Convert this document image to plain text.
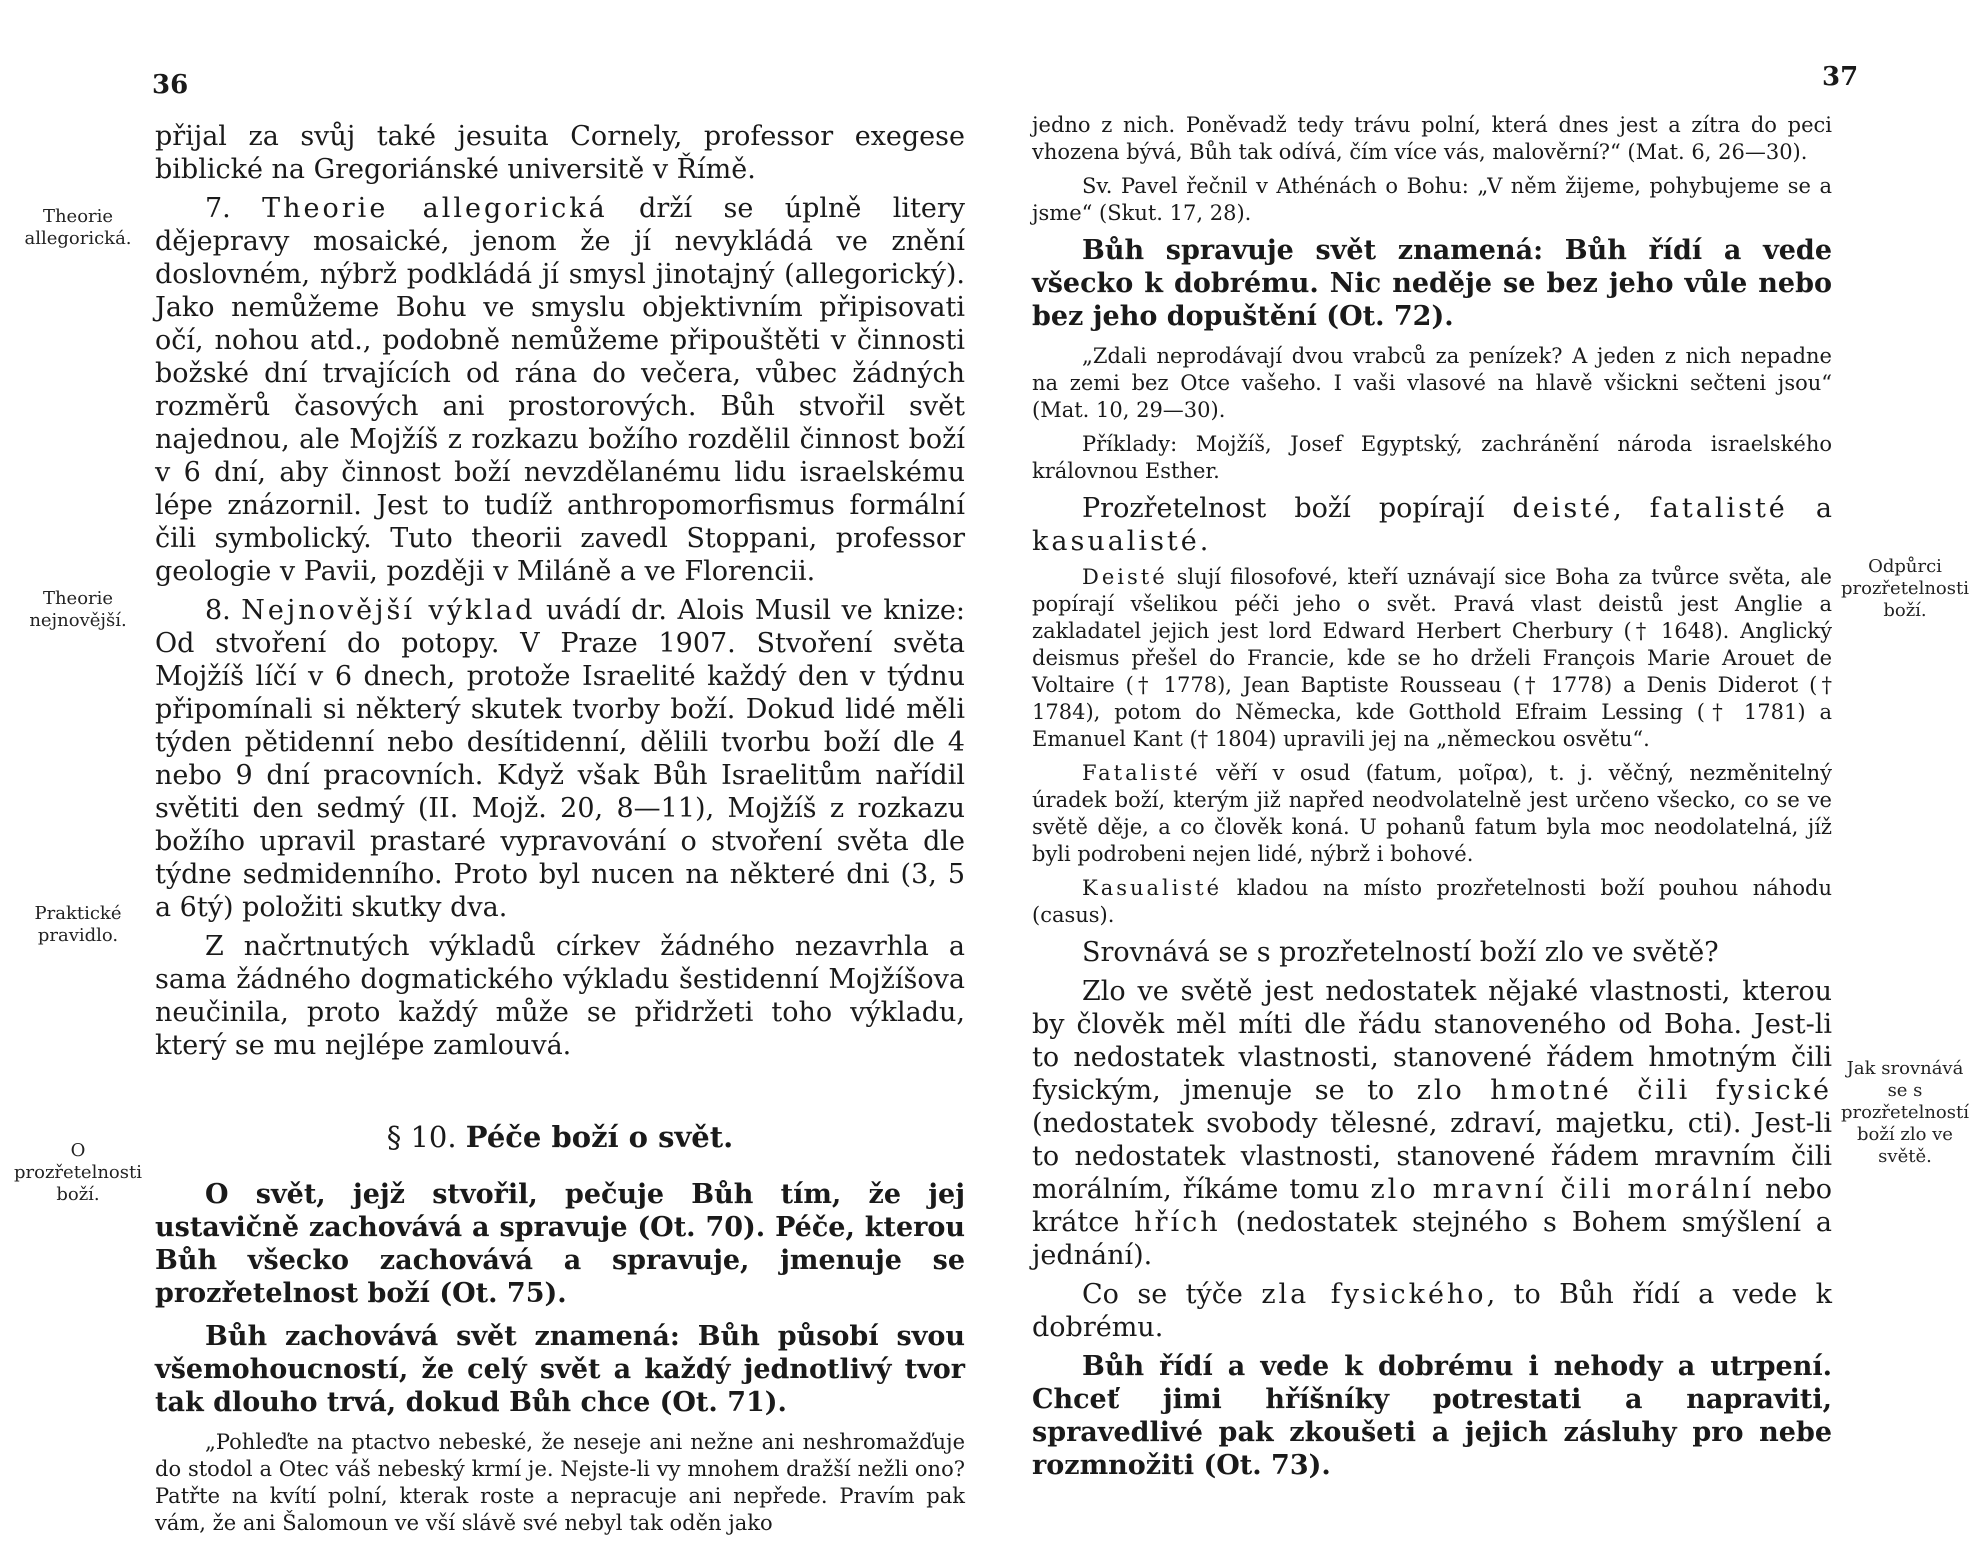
36
Theorie allegorická.
Theorie nejnovější.
Praktické pravidlo.
O prozřetelnosti boží.

přijal za svůj také jesuita Cornely, professor exegese biblické na Gregoriánské universitě v Římě.

7. Theorie allegorická drží se úplně litery dějepravy mosaické, jenom že jí nevykládá ve znění doslovném, nýbrž podkládá jí smysl jinotajný (allegorický). Jako nemůžeme Bohu ve smyslu objektivním připisovati očí, nohou atd., podobně nemůžeme připouštěti v činnosti božské dní trvajících od rána do večera, vůbec žádných rozměrů časových ani prostorových. Bůh stvořil svět najednou, ale Mojžíš z rozkazu božího rozdělil činnost boží v 6 dní, aby činnost boží nevzdělanému lidu israelskému lépe znázornil. Jest to tudíž anthropomorfismus formální čili symbolický. Tuto theorii zavedl Stoppani, professor geologie v Pavii, později v Miláně a ve Florencii.

8. Nejnovější výklad uvádí dr. Alois Musil ve knize: Od stvoření do potopy. V Praze 1907. Stvoření světa Mojžíš líčí v 6 dnech, protože Israelité každý den v týdnu připomínali si některý skutek tvorby boží. Dokud lidé měli týden pětidenní nebo desítidenní, dělili tvorbu boží dle 4 nebo 9 dní pracovních. Když však Bůh Israelitům nařídil světiti den sedmý (II. Mojž. 20, 8—11), Mojžíš z rozkazu božího upravil prastaré vypravování o stvoření světa dle týdne sedmidenního. Proto byl nucen na některé dni (3, 5 a 6tý) položiti skutky dva.

Z načrtnutých výkladů církev žádného nezavrhla a sama žádného dogmatického výkladu šestidenní Mojžíšova neučinila, proto každý může se přidržeti toho výkladu, který se mu nejlépe zamlouvá.

§ 10. Péče boží o svět.

O svět, jejž stvořil, pečuje Bůh tím, že jej ustavičně zachovává a spravuje (Ot. 70). Péče, kterou Bůh všecko zachovává a spravuje, jmenuje se prozřetelnost boží (Ot. 75).

Bůh zachovává svět znamená: Bůh působí svou všemohoucností, že celý svět a každý jednotlivý tvor tak dlouho trvá, dokud Bůh chce (Ot. 71).

„Pohleďte na ptactvo nebeské, že neseje ani nežne ani neshromažďuje do stodol a Otec váš nebeský krmí je. Nejste-li vy mnohem dražší nežli ono? Patřte na kvítí polní, kterak roste a nepracuje ani nepřede. Pravím pak vám, že ani Šalomoun ve vší slávě své nebyl tak oděn jako

37
Odpůrci prozřetelnosti boží.
Jak srovnává se s prozřetelností boží zlo ve světě.

jedno z nich. Poněvadž tedy trávu polní, která dnes jest a zítra do peci vhozena bývá, Bůh tak odívá, čím více vás, malověrní?“ (Mat. 6, 26—30).

Sv. Pavel řečnil v Athénách o Bohu: „V něm žijeme, pohybujeme se a jsme“ (Skut. 17, 28).

Bůh spravuje svět znamená: Bůh řídí a vede všecko k dobrému. Nic neděje se bez jeho vůle nebo bez jeho dopuštění (Ot. 72).

„Zdali neprodávají dvou vrabců za penízek? A jeden z nich nepadne na zemi bez Otce vašeho. I vaši vlasové na hlavě všickni sečteni jsou“ (Mat. 10, 29—30).

Příklady: Mojžíš, Josef Egyptský, zachránění národa israelského královnou Esther.

Prozřetelnost boží popírají deisté, fatalisté a kasualisté.

Deisté slují filosofové, kteří uznávají sice Boha za tvůrce světa, ale popírají všelikou péči jeho o svět. Pravá vlast deistů jest Anglie a zakladatel jejich jest lord Edward Herbert Cherbury († 1648). Anglický deismus přešel do Francie, kde se ho drželi François Marie Arouet de Voltaire († 1778), Jean Baptiste Rousseau († 1778) a Denis Diderot († 1784), potom do Německa, kde Gotthold Efraim Lessing († 1781) a Emanuel Kant († 1804) upravili jej na „německou osvětu“.

Fatalisté věří v osud (fatum, μοῖρα), t. j. věčný, nezměnitelný úradek boží, kterým již napřed neodvolatelně jest určeno všecko, co se ve světě děje, a co člověk koná. U pohanů fatum byla moc neodolatelná, jíž byli podrobeni nejen lidé, nýbrž i bohové.

Kasualisté kladou na místo prozřetelnosti boží pouhou náhodu (casus).

Srovnává se s prozřetelností boží zlo ve světě?

Zlo ve světě jest nedostatek nějaké vlastnosti, kterou by člověk měl míti dle řádu stanoveného od Boha. Jest-li to nedostatek vlastnosti, stanovené řádem hmotným čili fysickým, jmenuje se to zlo hmotné čili fysické (nedostatek svobody tělesné, zdraví, majetku, cti). Jest-li to nedostatek vlastnosti, stanovené řádem mravním čili morálním, říkáme tomu zlo mravní čili morální nebo krátce hřích (nedostatek stejného s Bohem smýšlení a jednání).

Co se týče zla fysického, to Bůh řídí a vede k dobrému.

Bůh řídí a vede k dobrému i nehody a utrpení. Chceť jimi hříšníky potrestati a napraviti, spravedlivé pak zkoušeti a jejich zásluhy pro nebe rozmnožiti (Ot. 73).
